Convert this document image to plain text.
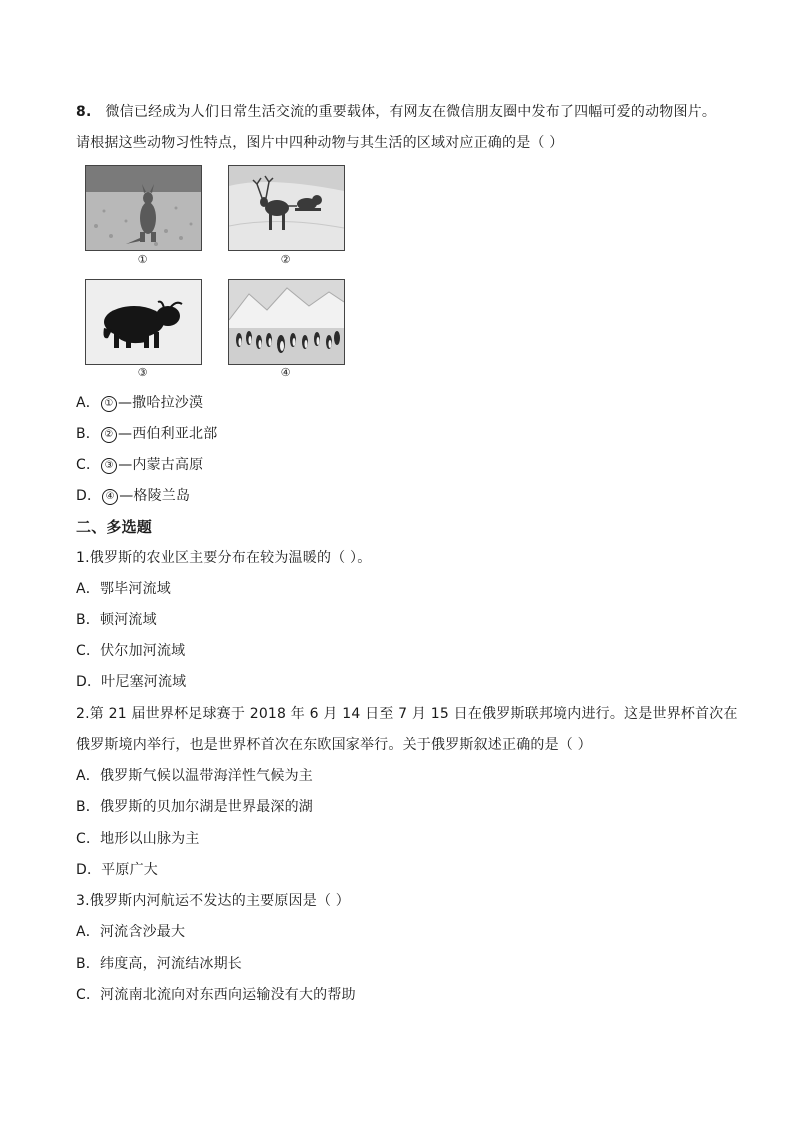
8. 微信已经成为人们日常生活交流的重要载体，有网友在微信朋友圈中发布了四幅可爱的动物图片。
请根据这些动物习性特点，图片中四种动物与其生活的区域对应正确的是（ ）
①	②
③	④
A． ① —撒哈拉沙漠
B． ② —西伯利亚北部
C． ③ —内蒙古高原
D． ④ —格陵兰岛
二、多选题
1.俄罗斯的农业区主要分布在较为温暖的（ ）。
A．鄂毕河流域
B．顿河流域
C．伏尔加河流域
D．叶尼塞河流域
2.第 21 届世界杯足球赛于 2018 年 6 月 14 日至 7 月 15 日在俄罗斯联邦境内进行。这是世界杯首次在
俄罗斯境内举行，也是世界杯首次在东欧国家举行。关于俄罗斯叙述正确的是（ ）
A．俄罗斯气候以温带海洋性气候为主
B．俄罗斯的贝加尔湖是世界最深的湖
C．地形以山脉为主
D．平原广大
3.俄罗斯内河航运不发达的主要原因是（ ）
A．河流含沙最大
B．纬度高，河流结冰期长
C．河流南北流向对东西向运输没有大的帮助
